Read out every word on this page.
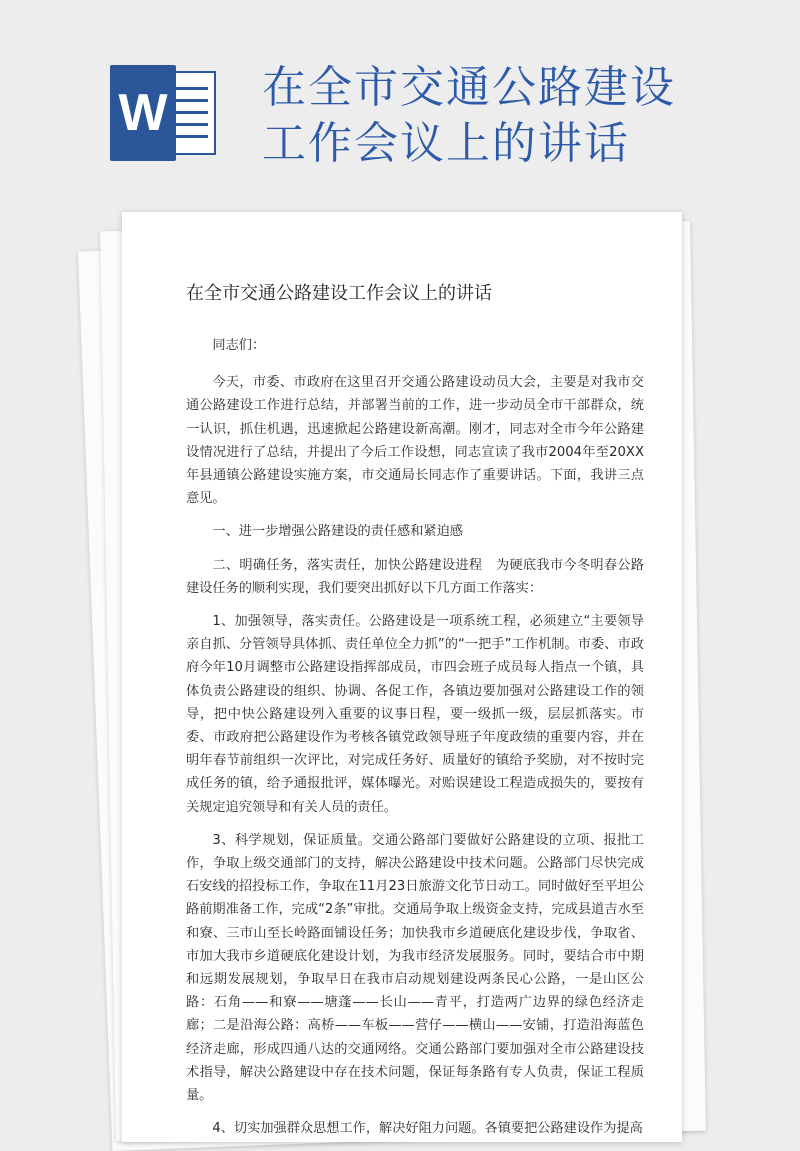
W 在全市交通公路建设工作会议上的讲话
在全市交通公路建设工作会议上的讲话

同志们：

今天，市委、市政府在这里召开交通公路建设动员大会，主要是对我市交通公路建设工作进行总结，并部署当前的工作，进一步动员全市干部群众，统一认识，抓住机遇，迅速掀起公路建设新高潮。刚才，同志对全市今年公路建设情况进行了总结，并提出了今后工作设想，同志宣读了我市2004年至20XX年县通镇公路建设实施方案，市交通局长同志作了重要讲话。下面，我讲三点意见。

一、进一步增强公路建设的责任感和紧迫感

二、明确任务，落实责任，加快公路建设进程　为硬底我市今冬明春公路建设任务的顺利实现，我们要突出抓好以下几方面工作落实：

1、加强领导，落实责任。公路建设是一项系统工程，必须建立“主要领导亲自抓、分管领导具体抓、责任单位全力抓”的“一把手”工作机制。市委、市政府今年10月调整市公路建设指挥部成员，市四会班子成员每人指点一个镇，具体负责公路建设的组织、协调、各促工作，各镇边要加强对公路建设工作的领导，把中快公路建设列入重要的议事日程，要一级抓一级，层层抓落实。市委、市政府把公路建设作为考核各镇党政领导班子年度政绩的重要内容，并在明年春节前组织一次评比，对完成任务好、质量好的镇给予奖励，对不按时完成任务的镇，给予通报批评，媒体曝光。对贻误建设工程造成损失的，要按有关规定追究领导和有关人员的责任。

3、科学规划，保证质量。交通公路部门要做好公路建设的立项、报批工作，争取上级交通部门的支持，解决公路建设中技术问题。公路部门尽快完成石安线的招投标工作，争取在11月23日旅游文化节日动工。同时做好至平坦公路前期准备工作，完成“2条”审批。交通局争取上级资金支持，完成县道吉水至和寮、三市山至长岭路面铺设任务；加快我市乡道硬底化建设步伐，争取省、市加大我市乡道硬底化建设计划，为我市经济发展服务。同时，要结合市中期和远期发展规划，争取早日在我市启动规划建设两条民心公路，一是山区公路：石角——和寮——塘蓬——长山——青平，打造两广边界的绿色经济走廊；二是沿海公路：高桥——车板——营仔——横山——安铺，打造沿海蓝色经济走廊，形成四通八达的交通网络。交通公路部门要加强对全市公路建设技术指导，解决公路建设中存在技术问题，保证每条路有专人负责，保证工程质量。

4、切实加强群众思想工作，解决好阻力问题。各镇要把公路建设作为提高
